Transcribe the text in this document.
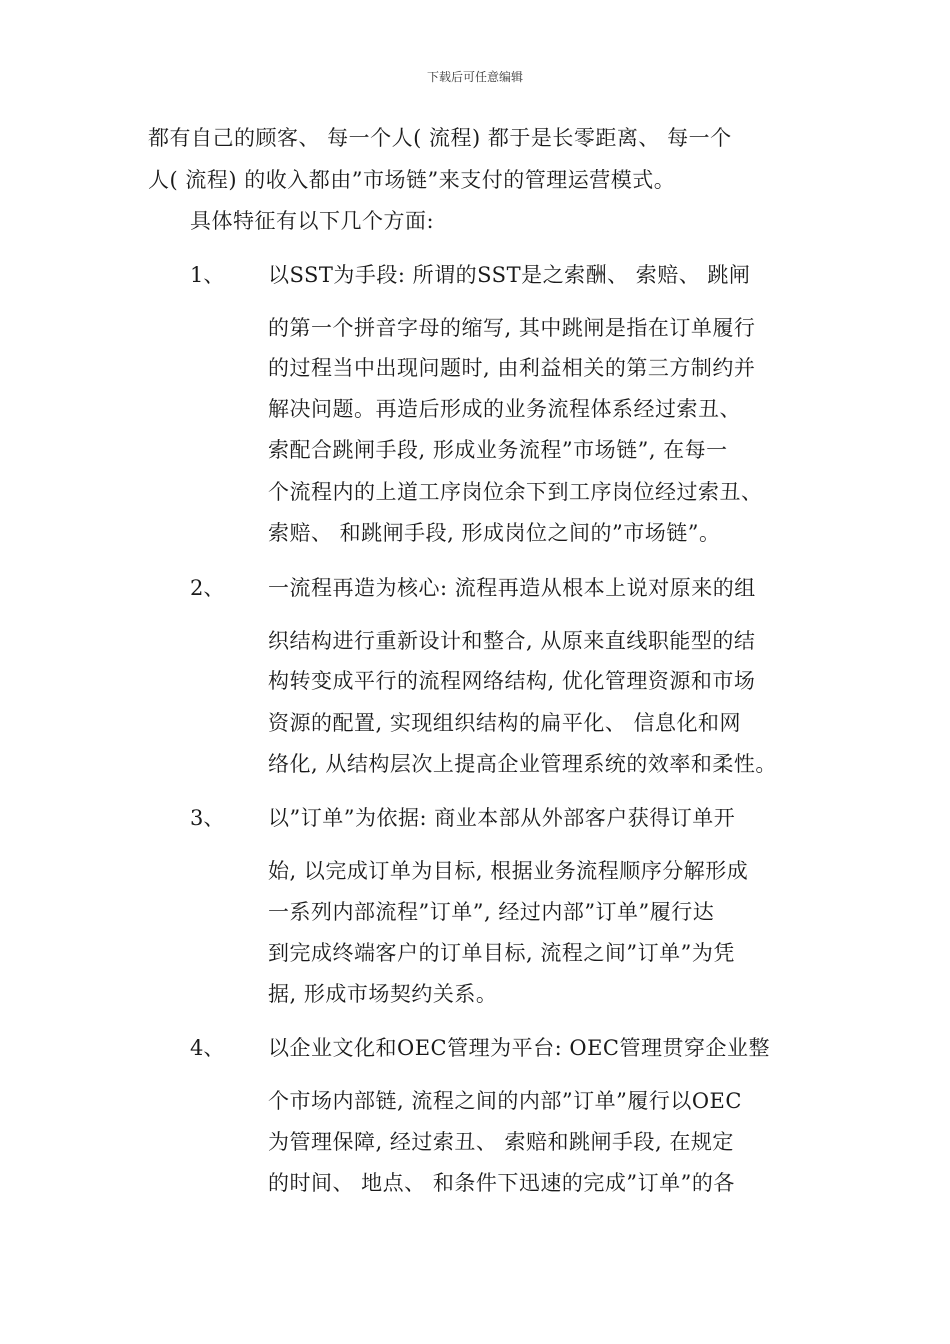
下载后可任意编辑
都有自己的顾客、 每一个人( 流程) 都于是长零距离、 每一个
人( 流程) 的收入都由”市场链”来支付的管理运营模式。
具体特征有以下几个方面:
1、 以SST为手段: 所谓的SST是之索酬、 索赔、 跳闸
的第一个拼音字母的缩写, 其中跳闸是指在订单履行
的过程当中出现问题时, 由利益相关的第三方制约并
解决问题。再造后形成的业务流程体系经过索丑、
索配合跳闸手段, 形成业务流程”市场链”, 在每一
个流程内的上道工序岗位余下到工序岗位经过索丑、
索赔、 和跳闸手段, 形成岗位之间的”市场链”。
2、 一流程再造为核心: 流程再造从根本上说对原来的组
织结构进行重新设计和整合, 从原来直线职能型的结
构转变成平行的流程网络结构, 优化管理资源和市场
资源的配置, 实现组织结构的扁平化、 信息化和网
络化, 从结构层次上提高企业管理系统的效率和柔性。
3、 以”订单”为依据: 商业本部从外部客户获得订单开
始, 以完成订单为目标, 根据业务流程顺序分解形成
一系列内部流程”订单”, 经过内部”订单”履行达
到完成终端客户的订单目标, 流程之间”订单”为凭
据, 形成市场契约关系。
4、 以企业文化和OEC管理为平台: OEC管理贯穿企业整
个市场内部链, 流程之间的内部”订单”履行以OEC
为管理保障, 经过索丑、 索赔和跳闸手段, 在规定
的时间、 地点、 和条件下迅速的完成”订单”的各
